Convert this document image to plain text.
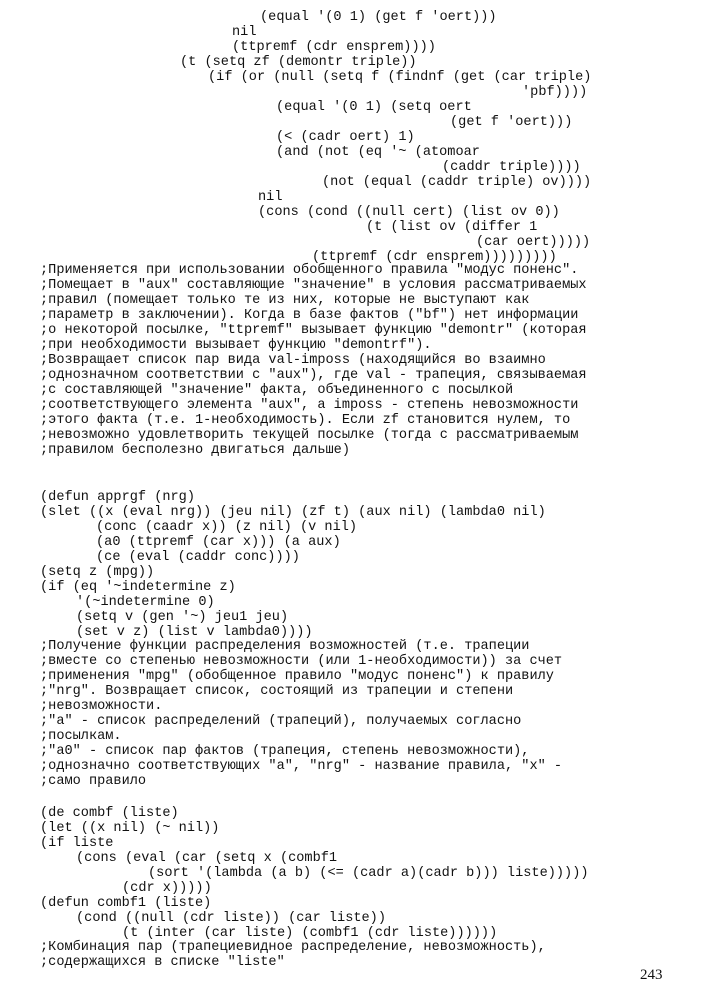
(equal '(0 1) (get f 'oert)))
nil
(ttpremf (cdr ensprem))))
(t (setq zf (demontr triple))
(if (or (null (setq f (findnf (get (car triple)
'pbf))))
(equal '(0 1) (setq oert
(get f 'oert)))
(< (cadr oert) 1)
(and (not (eq '~ (atomoar
(caddr triple))))
(not (equal (caddr triple) ov))))
nil
(cons (cond ((null cert) (list ov 0))
(t (list ov (differ 1
(car oert)))))
(ttpremf (cdr ensprem)))))))))
;Применяется при использовании обобщенного правила "модус поненс".
;Помещает в "aux" составляющие "значение" в условия рассматриваемых
;правил (помещает только те из них, которые не выступают как
;параметр в заключении). Когда в базе фактов ("bf") нет информации
;о некоторой посылке, "ttpremf" вызывает функцию "demontr" (которая
;при необходимости вызывает функцию "demontrf").
;Возвращает список пар вида val-imposs (находящийся во взаимно
;однозначном соответствии с "aux"), где val - трапеция, связываемая
;с составляющей "значение" факта, объединенного с посылкой
;соответствующего элемента "aux", а imposs - степень невозможности
;этого факта (т.е. 1-необходимость). Если zf становится нулем, то
;невозможно удовлетворить текущей посылке (тогда с рассматриваемым
;правилом бесполезно двигаться дальше)
(defun apprgf (nrg)
(slet ((x (eval nrg)) (jeu nil) (zf t) (aux nil) (lambda0 nil)
(conc (caadr x)) (z nil) (v nil)
(a0 (ttpremf (car x))) (a aux)
(ce (eval (caddr conc))))
(setq z (mpg))
(if (eq '~indetermine z)
'(~indetermine 0)
(setq v (gen '~) jeu1 jeu)
(set v z) (list v lambda0))))
;Получение функции распределения возможностей (т.е. трапеции
;вместе со степенью невозможности (или 1-необходимости)) за счет
;применения "mpg" (обобщенное правило "модус поненс") к правилу
;"nrg". Возвращает список, состоящий из трапеции и степени
;невозможности.
;"a" - список распределений (трапеций), получаемых согласно
;посылкам.
;"a0" - список пар фактов (трапеция, степень невозможности),
;однозначно соответствующих "a", "nrg" - название правила, "x" -
;само правило
(de combf (liste)
(let ((x nil) (~ nil))
(if liste
(cons (eval (car (setq x (combf1
(sort '(lambda (a b) (<= (cadr a)(cadr b))) liste)))))
(cdr x)))))
(defun combf1 (liste)
(cond ((null (cdr liste)) (car liste))
(t (inter (car liste) (combf1 (cdr liste))))))
;Комбинация пар (трапециевидное распределение, невозможность),
;содержащихся в списке "liste"
243
